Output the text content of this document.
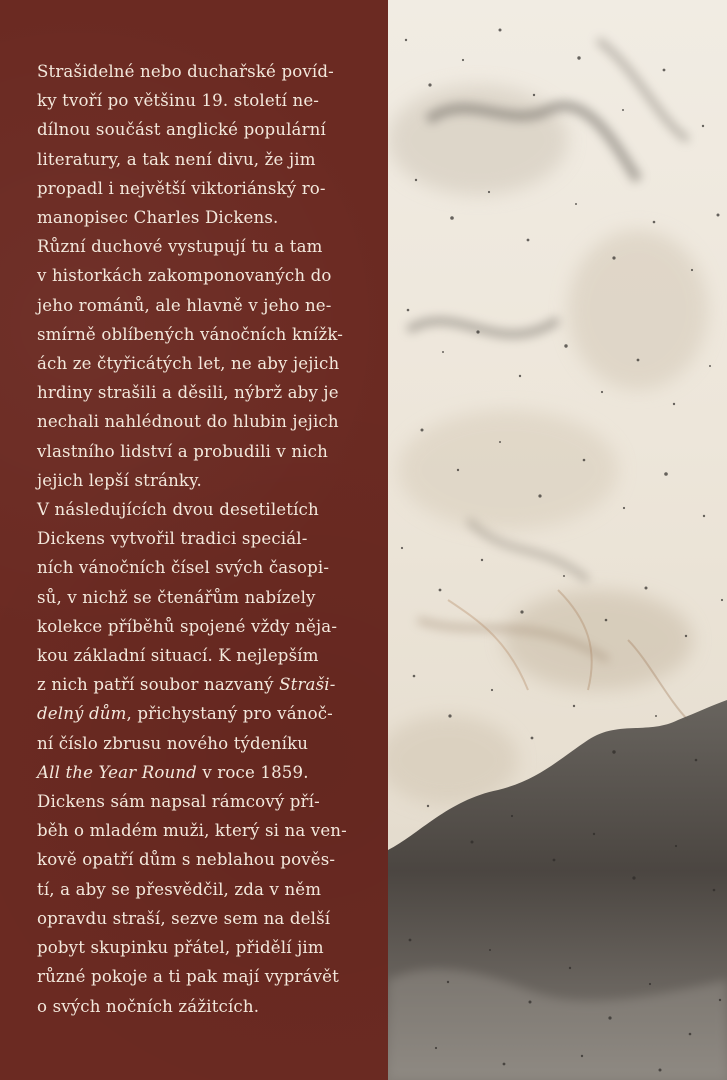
Strašidelné nebo duchařské povíd-
ky tvoří po většinu 19. století ne-
dílnou součást anglické populární
literatury, a tak není divu, že jim
propadl i největší viktoriánský ro-
manopisec Charles Dickens.

Různí duchové vystupují tu a tam
v historkách zakomponovaných do
jeho románů, ale hlavně v jeho ne-
smírně oblíbených vánočních knížk-
ách ze čtyřicátých let, ne aby jejich
hrdiny strašili a děsili, nýbrž aby je
nechali nahlédnout do hlubin jejich
vlastního lidství a probudili v nich
jejich lepší stránky.

V následujících dvou desetiletích
Dickens vytvořil tradici speciál-
ních vánočních čísel svých časopi-
sů, v nichž se čtenářům nabízely
kolekce příběhů spojené vždy něja-
kou základní situací. K nejlepším
z nich patří soubor nazvaný Straši-
delný dům, přichystaný pro vánoč-
ní číslo zbrusu nového týdeníku
All the Year Round v roce 1859.

Dickens sám napsal rámcový pří-
běh o mladém muži, který si na ven-
kově opatří dům s neblahou pověs-
tí, a aby se přesvědčil, zda v něm
opravdu straší, sezve sem na delší
pobyt skupinku přátel, přidělí jim
různé pokoje a ti pak mají vyprávět
o svých nočních zážitcích.
